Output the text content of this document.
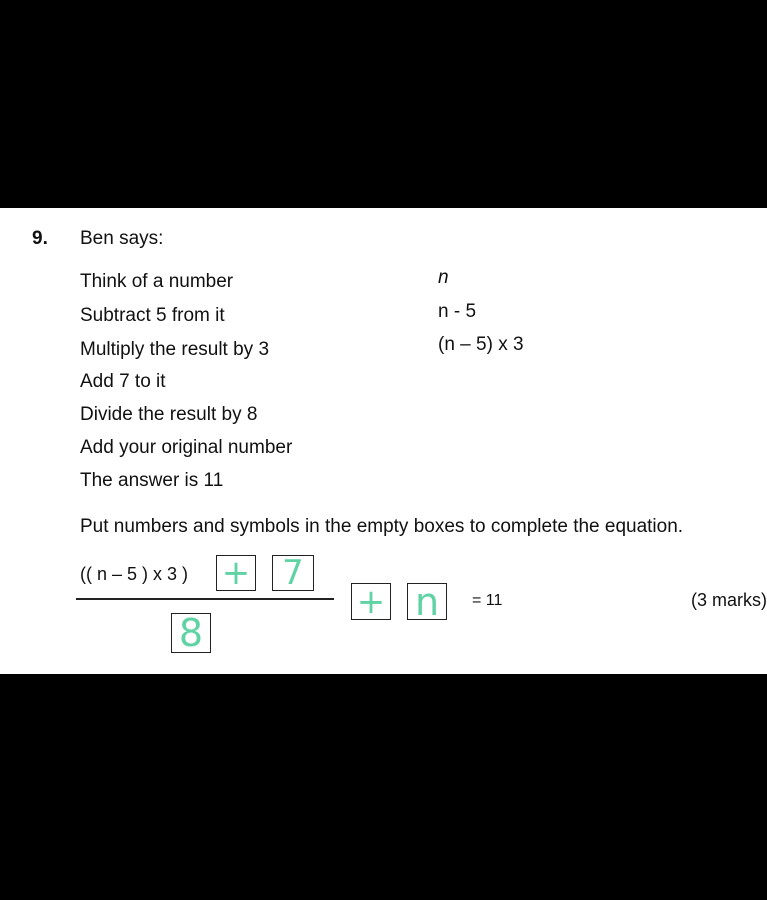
9. Ben says:
Think of a number	n
Subtract 5 from it	n - 5
Multiply the result by 3	(n – 5) x 3
Add 7 to it
Divide the result by 8
Add your original number
The answer is 11
Put numbers and symbols in the empty boxes to complete the equation.
(( n – 5 ) x 3 ) + 7
8
+ n	= 11	(3 marks)
